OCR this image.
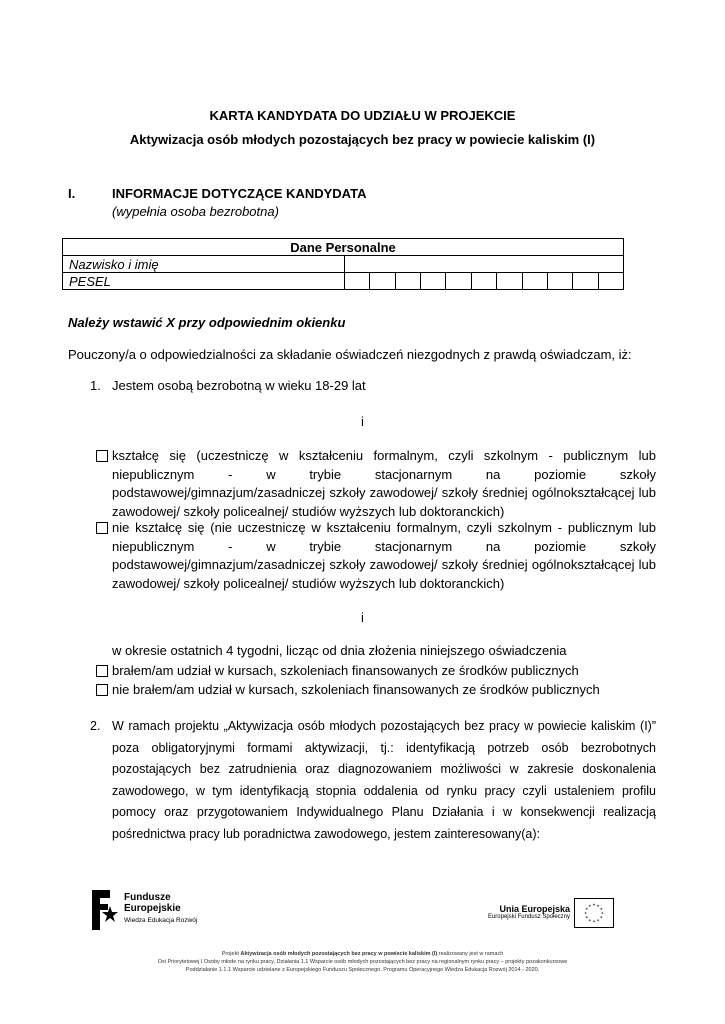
KARTA KANDYDATA DO UDZIAŁU W PROJEKCIE
Aktywizacja osób młodych pozostających bez pracy w powiecie kaliskim (I)
I.	INFORMACJE DOTYCZĄCE KANDYDATA
(wypełnia osoba bezrobotna)
Dane Personalne											
Nazwisko i imię											
PESEL											
Należy wstawić X przy odpowiednim okienku
Pouczony/a o odpowiedzialności za składanie oświadczeń niezgodnych z prawdą oświadczam, iż:
1. Jestem osobą bezrobotną w wieku 18-29 lat
i
kształcę się (uczestniczę w kształceniu formalnym, czyli szkolnym - publicznym lub niepublicznym - w trybie stacjonarnym na poziomie szkoły podstawowej/gimnazjum/zasadniczej szkoły zawodowej/ szkoły średniej ogólnokształcącej lub zawodowej/ szkoły policealnej/ studiów wyższych lub doktoranckich)
nie kształcę się (nie uczestniczę w kształceniu formalnym, czyli szkolnym - publicznym lub niepublicznym - w trybie stacjonarnym na poziomie szkoły podstawowej/gimnazjum/zasadniczej szkoły zawodowej/ szkoły średniej ogólnokształcącej lub zawodowej/ szkoły policealnej/ studiów wyższych lub doktoranckich)
i
w okresie ostatnich 4 tygodni, licząc od dnia złożenia niniejszego oświadczenia
brałem/am udział w kursach, szkoleniach finansowanych ze środków publicznych
nie brałem/am udział w kursach, szkoleniach finansowanych ze środków publicznych
2. W ramach projektu „Aktywizacja osób młodych pozostających bez pracy w powiecie kaliskim (I)” poza obligatoryjnymi formami aktywizacji, tj.: identyfikacją potrzeb osób bezrobotnych pozostających bez zatrudnienia oraz diagnozowaniem możliwości w zakresie doskonalenia zawodowego, w tym identyfikacją stopnia oddalenia od rynku pracy czyli ustaleniem profilu pomocy oraz przygotowaniem Indywidualnego Planu Działania i w konsekwencji realizacją pośrednictwa pracy lub poradnictwa zawodowego, jestem zainteresowany(a):
Fundusze
Europejskie
Wiedza Edukacja Rozwój
Unia Europejska
Europejski Fundusz Społeczny
Projekt Aktywizacja osób młodych pozostających bez pracy w powiecie kaliskim (I) realizowany jest w ramach
Osi Priorytetowej I Osoby młode na rynku pracy, Działania 1.1 Wsparcie osób młodych pozostających bez pracy na regionalnym rynku pracy – projekty pozakonkursowe
Poddziałanie 1.1.1 Wsparcie udzielane z Europejskiego Funduszu Społecznego, Programu Operacyjnego Wiedza Edukacja Rozwój 2014 - 2020.
